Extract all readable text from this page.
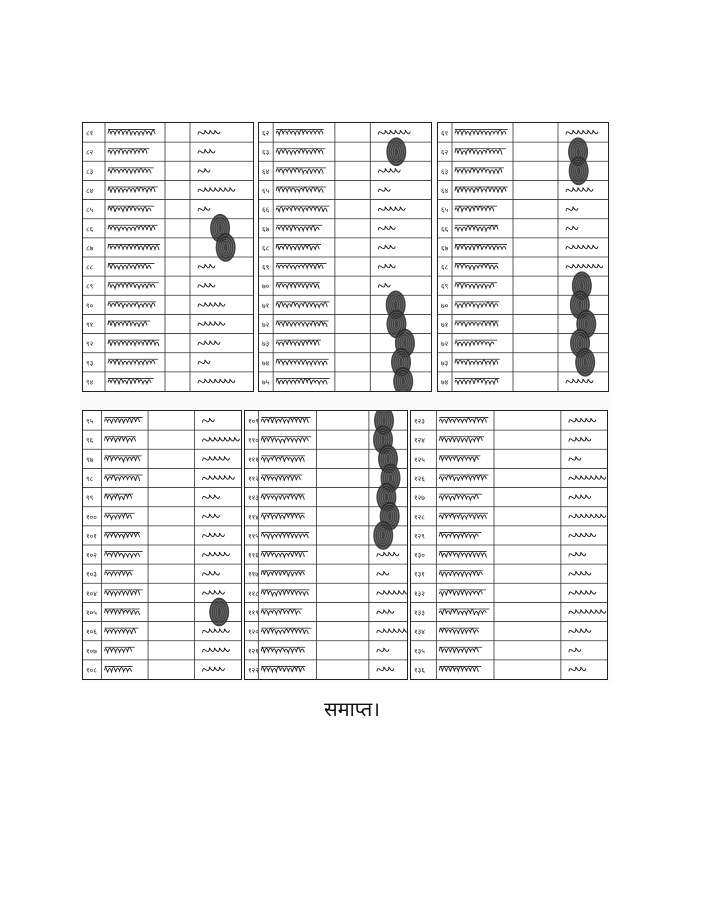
८१
८२
८३
८४
८५
८६
८७
८८
८९
९०
९१
९२
९३
९४
६२
६३
६४
६५
६६
६७
६८
६९
७०
७१
७२
७३
७४
७५
६१
६२
६३
६४
६५
६६
६७
६८
६९
७०
७१
७२
७३
७४
९५
९६
९७
९८
९९
१००
१०१
१०२
१०३
१०४
१०५
१०६
१०७
१०८
१०९
११०
१११
११२
११३
११४
११५
११६
११७
११८
११९
१२०
१२१
१२२
१२३
१२४
१२५
१२६
१२७
१२८
१२९
१३०
१३१
१३२
१३३
१३४
१३५
१३६
समाप्त।
